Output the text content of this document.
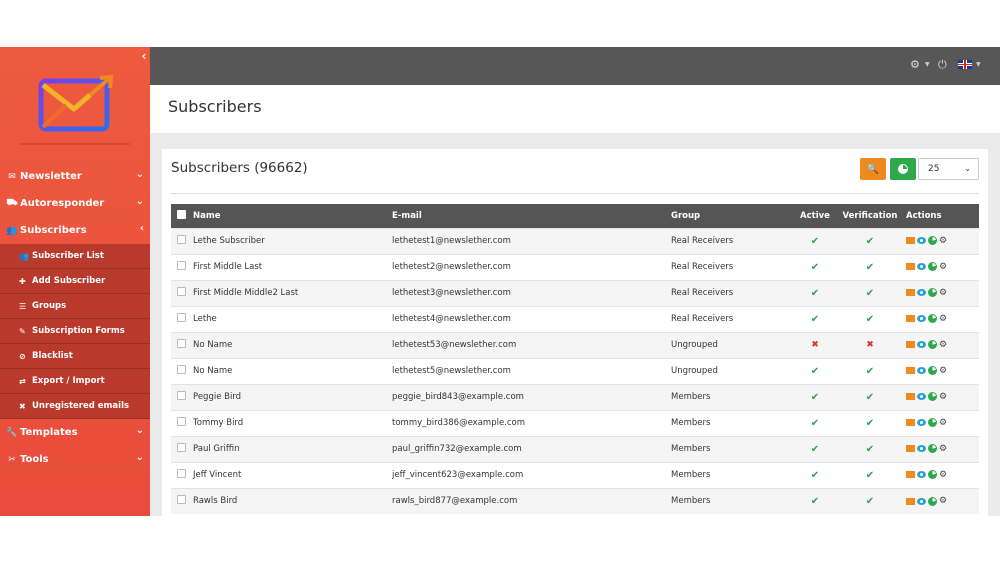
‹
✉ Newsletter	⌄
⛟ Autoresponder	⌄
👥 Subscribers	‹
👥 Subscriber List
✚ Add Subscriber
☰ Groups
✎ Subscription Forms
⊘ Blacklist
⇄ Export / Import
✖ Unregistered emails
🔧 Templates	⌄
✂ Tools	⌄
⚙ ▼ ⏻	▼
Subscribers
Subscribers (96662)	🔍	25	⌄
	Name	E-mail	Group	Active	Verification	Actions
	Lethe Subscriber	lethetest1@newslether.com	Real Receivers	✔	✔	⚙
	First Middle Last	lethetest2@newslether.com	Real Receivers	✔	✔	⚙
	First Middle Middle2 Last	lethetest3@newslether.com	Real Receivers	✔	✔	⚙
	Lethe	lethetest4@newslether.com	Real Receivers	✔	✔	⚙
	No Name	lethetest53@newslether.com	Ungrouped	✖	✖	⚙
	No Name	lethetest5@newslether.com	Ungrouped	✔	✔	⚙
	Peggie Bird	peggie_bird843@example.com	Members	✔	✔	⚙
	Tommy Bird	tommy_bird386@example.com	Members	✔	✔	⚙
	Paul Griffin	paul_griffin732@example.com	Members	✔	✔	⚙
	Jeff Vincent	jeff_vincent623@example.com	Members	✔	✔	⚙
	Rawls Bird	rawls_bird877@example.com	Members	✔	✔	⚙
